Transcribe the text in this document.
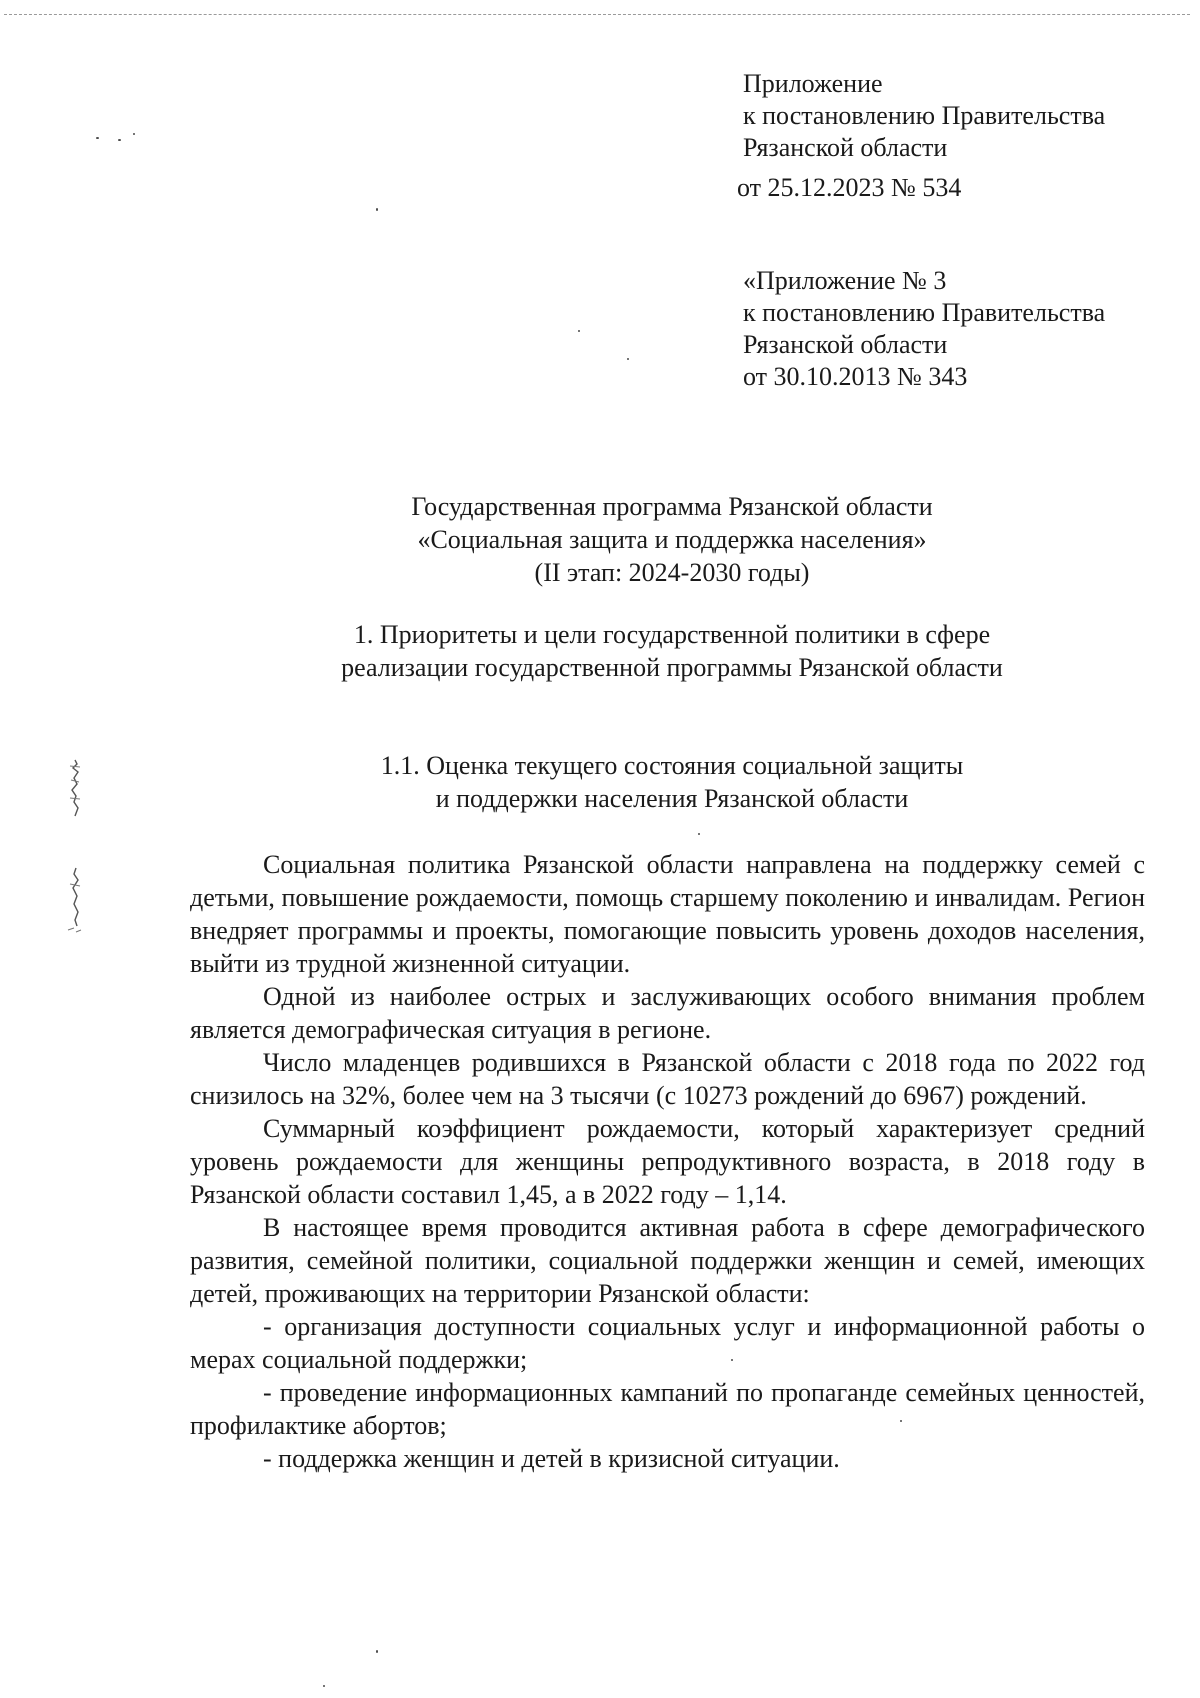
Приложение
к постановлению Правительства
Рязанской области
от 25.12.2023 № 534
«Приложение № 3
к постановлению Правительства
Рязанской области
от 30.10.2013 № 343
Государственная программа Рязанской области
«Социальная защита и поддержка населения»
(II этап: 2024-2030 годы)
1. Приоритеты и цели государственной политики в сфере
реализации государственной программы Рязанской области
1.1. Оценка текущего состояния социальной защиты
и поддержки населения Рязанской области

Социальная политика Рязанской области направлена на поддержку семей с детьми, повышение рождаемости, помощь старшему поколению и инвалидам. Регион внедряет программы и проекты, помогающие повысить уровень доходов населения, выйти из трудной жизненной ситуации.

Одной из наиболее острых и заслуживающих особого внимания проблем является демографическая ситуация в регионе.

Число младенцев родившихся в Рязанской области с 2018 года по 2022 год снизилось на 32%, более чем на 3 тысячи (с 10273 рождений до 6967) рождений.

Суммарный коэффициент рождаемости, который характеризует средний уровень рождаемости для женщины репродуктивного возраста, в 2018 году в Рязанской области составил 1,45, а в 2022 году – 1,14.

В настоящее время проводится активная работа в сфере демографического развития, семейной политики, социальной поддержки женщин и семей, имеющих детей, проживающих на территории Рязанской области:

- организация доступности социальных услуг и информационной работы о мерах социальной поддержки;

- проведение информационных кампаний по пропаганде семейных ценностей, профилактике абортов;

- поддержка женщин и детей в кризисной ситуации.
